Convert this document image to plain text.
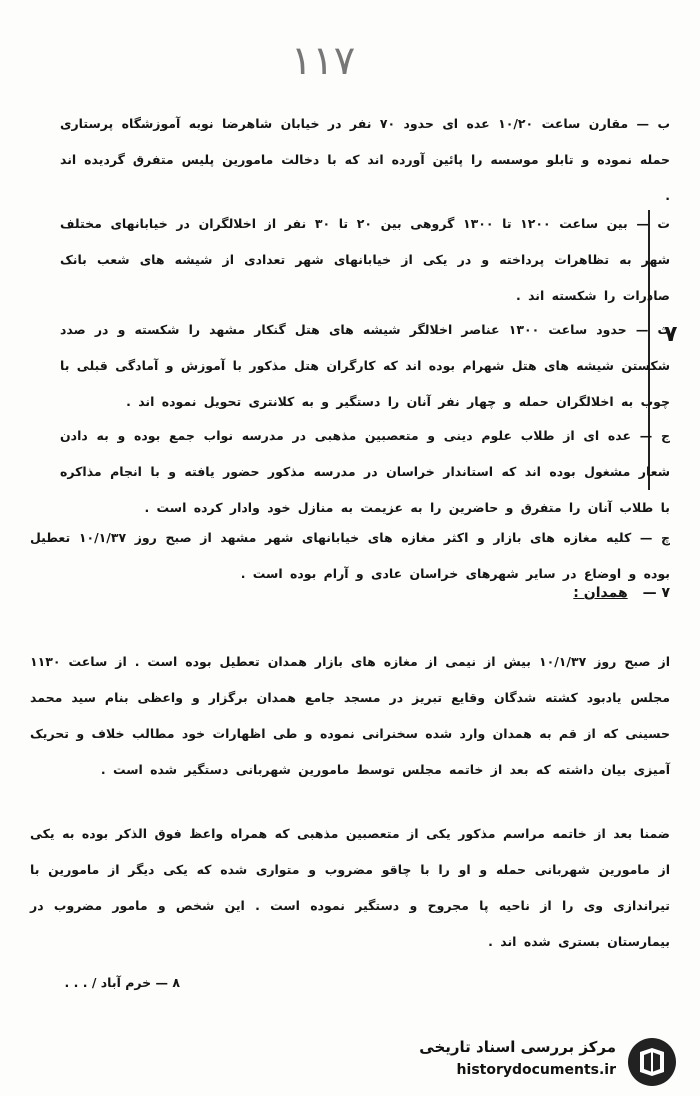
۱۱۷
۷
ب — مقارن ساعت ۱۰/۲۰ عده ای حدود ۷۰ نفر در خیابان شاهرضا نوبه آموزشگاه پرستاری حمله نموده و تابلو موسسه را پائین آورده اند که با دخالت مامورین پلیس متفرق گردیده اند .
ت — بین ساعت ۱۲۰۰ تا ۱۳۰۰ گروهی بین ۲۰ تا ۳۰ نفر از اخلالگران در خیابانهای مختلف شهر به تظاهرات پرداخته و در یکی از خیابانهای شهر تعدادی از شیشه های شعب بانک صادرات را شکسته اند .
ث — حدود ساعت ۱۳۰۰ عناصر اخلالگر شیشه های هتل گنکار مشهد را شکسته و در صدد شکستن شیشه های هتل شهرام بوده اند که کارگران هتل مذکور با آموزش و آمادگی قبلی با چوب به اخلالگران حمله و چهار نفر آنان را دستگیر و به کلانتری تحویل نموده اند .
ج — عده ای از طلاب علوم دینی و متعصبین مذهبی در مدرسه نواب جمع بوده و به دادن شعار مشغول بوده اند که استاندار خراسان در مدرسه مذکور حضور یافته و با انجام مذاکره با طلاب آنان را متفرق و حاضرین را به عزیمت به منازل خود وادار کرده است .
چ — کلیه مغازه های بازار و اکثر مغازه های خیابانهای شهر مشهد از صبح روز ۱۰/۱/۳۷ تعطیل بوده و اوضاع در سایر شهرهای خراسان عادی و آرام بوده است .
۷ — همدان :
از صبح روز ۱۰/۱/۳۷ بیش از نیمی از مغازه های بازار همدان تعطیل بوده است . از ساعت ۱۱۳۰ مجلس یادبود کشته شدگان وقایع تبریز در مسجد جامع همدان برگزار و واعظی بنام سید محمد حسینی که از قم به همدان وارد شده سخنرانی نموده و طی اظهارات خود مطالب خلاف و تحریک آمیزی بیان داشته که بعد از خاتمه مجلس توسط مامورین شهربانی دستگیر شده است .
ضمنا بعد از خاتمه مراسم مذکور یکی از متعصبین مذهبی که همراه واعظ فوق الذکر بوده به یکی از مامورین شهربانی حمله و او را با چاقو مضروب و متواری شده که یکی دیگر از مامورین با تیراندازی وی را از ناحیه پا مجروح و دستگیر نموده است . این شخص و مامور مضروب در بیمارستان بستری شده اند .
۸ — خرم آباد / . . .
مرکز بررسی اسناد تاریخی
historydocuments.ir
